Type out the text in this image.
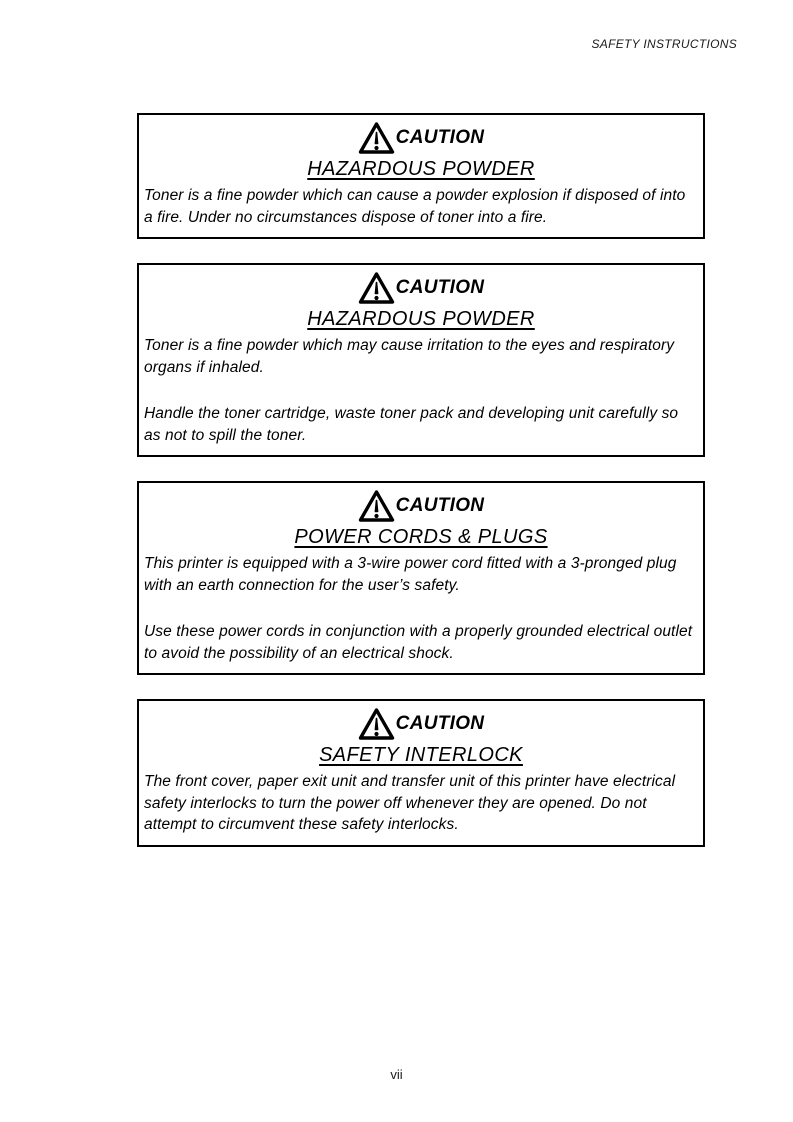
SAFETY INSTRUCTIONS
CAUTION
HAZARDOUS POWDER

Toner is a fine powder which can cause a powder explosion if disposed of into a fire. Under no circumstances dispose of toner into a fire.

CAUTION
HAZARDOUS POWDER

Toner is a fine powder which may cause irritation to the eyes and respiratory organs if inhaled.

Handle the toner cartridge, waste toner pack and developing unit carefully so as not to spill the toner.

CAUTION
POWER CORDS & PLUGS

This printer is equipped with a 3-wire power cord fitted with a 3-pronged plug with an earth connection for the user’s safety.

Use these power cords in conjunction with a properly grounded electrical outlet to avoid the possibility of an electrical shock.

CAUTION
SAFETY INTERLOCK

The front cover, paper exit unit and transfer unit of this printer have electrical safety interlocks to turn the power off whenever they are opened. Do not attempt to circumvent these safety interlocks.

vii
